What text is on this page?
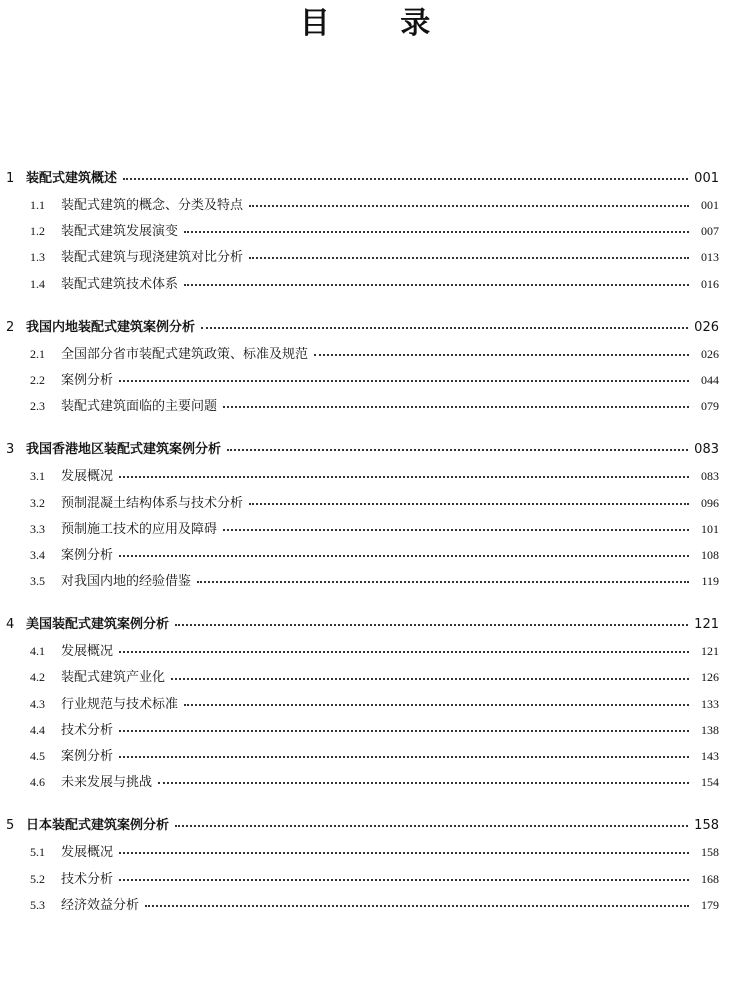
目 录
1 装配式建筑概述	001
1.1	装配式建筑的概念、分类及特点	001
1.2	装配式建筑发展演变	007
1.3	装配式建筑与现浇建筑对比分析	013
1.4	装配式建筑技术体系	016
2 我国内地装配式建筑案例分析	026
2.1	全国部分省市装配式建筑政策、标准及规范	026
2.2	案例分析	044
2.3	装配式建筑面临的主要问题	079
3 我国香港地区装配式建筑案例分析	083
3.1	发展概况	083
3.2	预制混凝土结构体系与技术分析	096
3.3	预制施工技术的应用及障碍	101
3.4	案例分析	108
3.5	对我国内地的经验借鉴	119
4 美国装配式建筑案例分析	121
4.1	发展概况	121
4.2	装配式建筑产业化	126
4.3	行业规范与技术标准	133
4.4	技术分析	138
4.5	案例分析	143
4.6	未来发展与挑战	154
5 日本装配式建筑案例分析	158
5.1	发展概况	158
5.2	技术分析	168
5.3	经济效益分析	179
